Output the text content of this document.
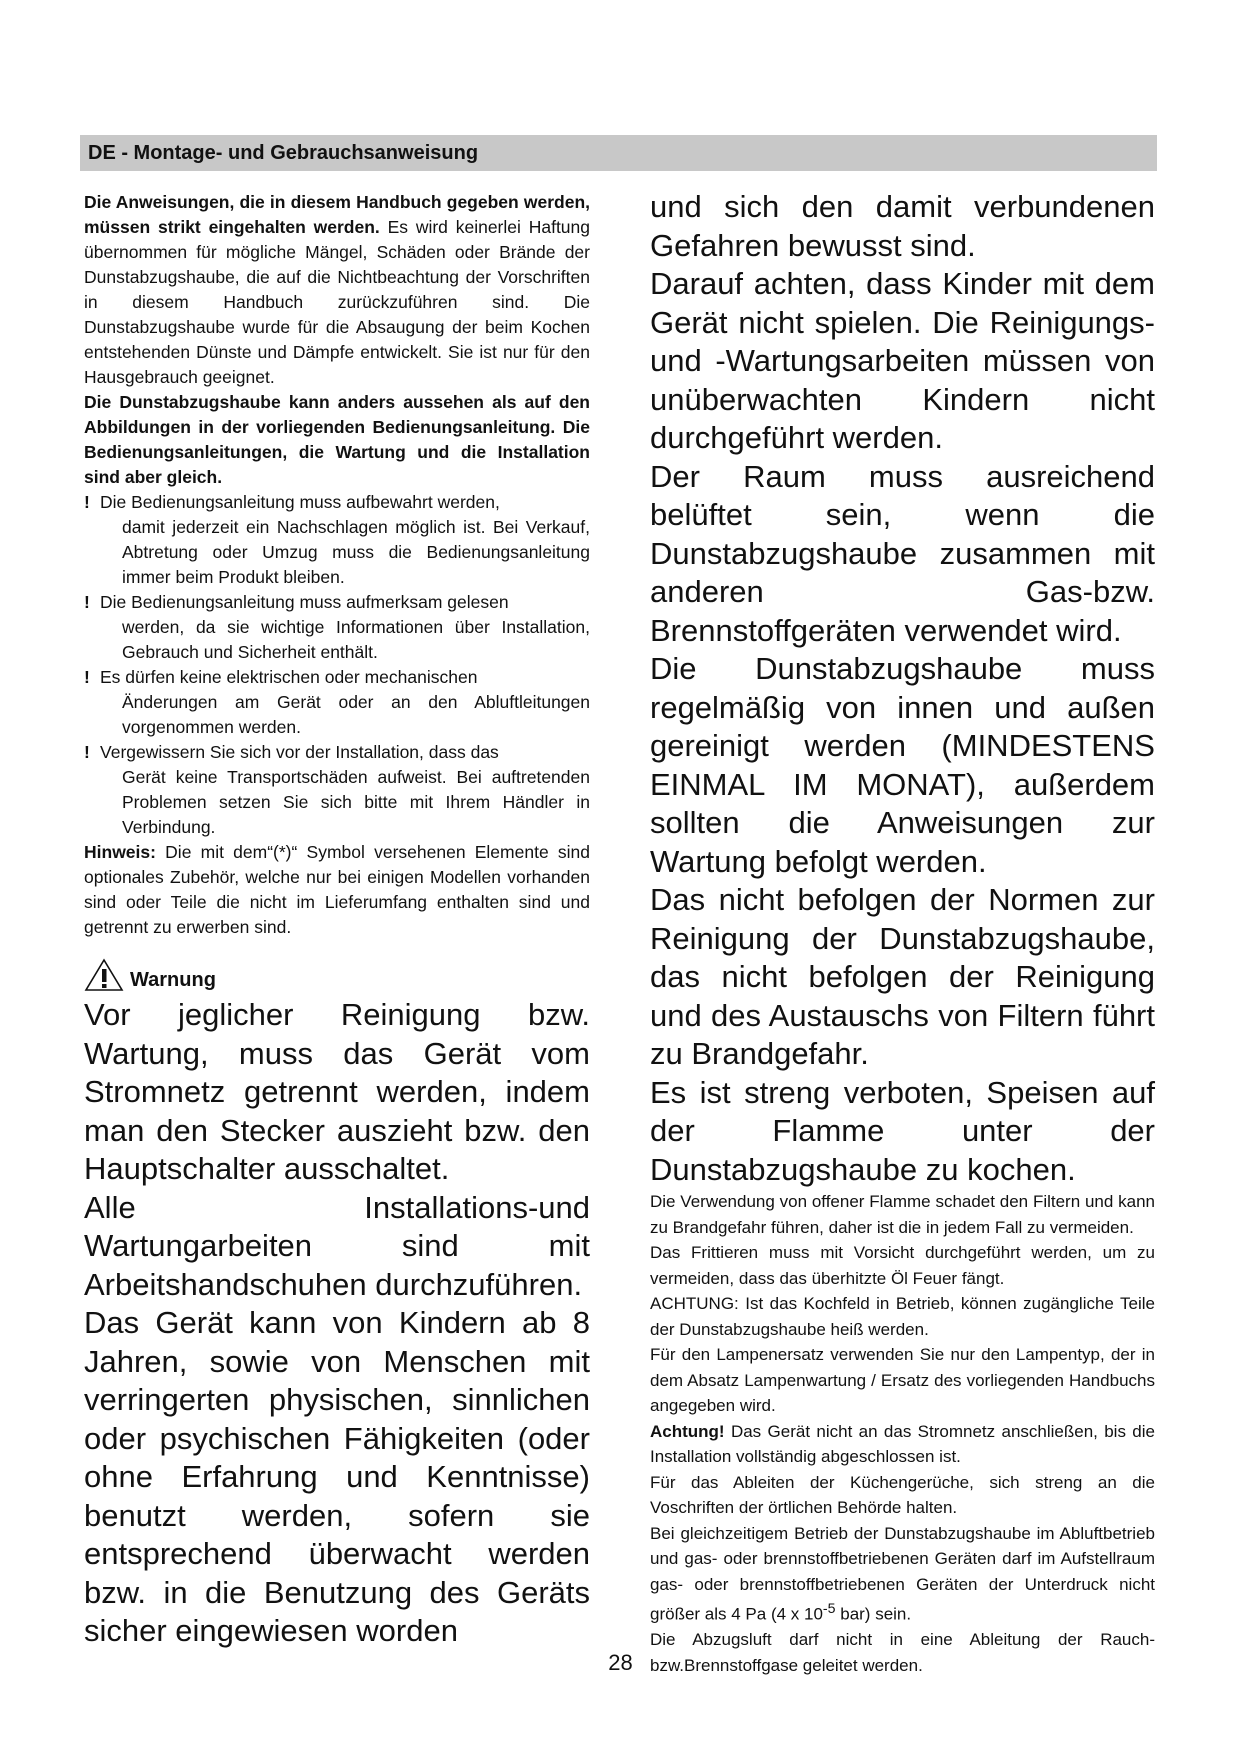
DE - Montage- und Gebrauchsanweisung

Die Anweisungen, die in diesem Handbuch gegeben werden, müssen strikt eingehalten werden. Es wird keinerlei Haftung übernommen für mögliche Mängel, Schäden oder Brände der Dunstabzugshaube, die auf die Nichtbeachtung der Vorschriften in diesem Handbuch zurückzuführen sind. Die Dunstabzugshaube wurde für die Absaugung der beim Kochen entstehenden Dünste und Dämpfe entwickelt. Sie ist nur für den Hausgebrauch geeignet.

Die Dunstabzugshaube kann anders aussehen als auf den Abbildungen in der vorliegenden Bedienungsanleitung. Die Bedienungsanleitungen, die Wartung und die Installation sind aber gleich.

! Die Bedienungsanleitung muss aufbewahrt werden,
damit jederzeit ein Nachschlagen möglich ist. Bei Verkauf, Abtretung oder Umzug muss die Bedienungsanleitung immer beim Produkt bleiben.
! Die Bedienungsanleitung muss aufmerksam gelesen
werden, da sie wichtige Informationen über Installation, Gebrauch und Sicherheit enthält.
! Es dürfen keine elektrischen oder mechanischen
Änderungen am Gerät oder an den Abluftleitungen vorgenommen werden.
! Vergewissern Sie sich vor der Installation, dass das
Gerät keine Transportschäden aufweist. Bei auftretenden Problemen setzen Sie sich bitte mit Ihrem Händler in Verbindung.

Hinweis: Die mit dem“(*)“ Symbol versehenen Elemente sind optionales Zubehör, welche nur bei einigen Modellen vorhanden sind oder Teile die nicht im Lieferumfang enthalten sind und getrennt zu erwerben sind.

Warnung

Vor jeglicher Reinigung bzw. Wartung, muss das Gerät vom Stromnetz getrennt werden, indem man den Stecker auszieht bzw. den Hauptschalter ausschaltet.

Alle Installations-und Wartungarbeiten sind mit Arbeitshandschuhen durchzuführen.

Das Gerät kann von Kindern ab 8 Jahren, sowie von Menschen mit verringerten physischen, sinnlichen oder psychischen Fähigkeiten (oder ohne Erfahrung und Kenntnisse) benutzt werden, sofern sie entsprechend überwacht werden bzw. in die Benutzung des Geräts sicher eingewiesen worden

und sich den damit verbundenen Gefahren bewusst sind.

Darauf achten, dass Kinder mit dem Gerät nicht spielen. Die Reinigungs- und -Wartungsarbeiten müssen von unüberwachten Kindern nicht durchgeführt werden.

Der Raum muss ausreichend belüftet sein, wenn die Dunstabzugshaube zusammen mit anderen Gas-bzw. Brennstoffgeräten verwendet wird.

Die Dunstabzugshaube muss regelmäßig von innen und außen gereinigt werden (MINDESTENS EINMAL IM MONAT), außerdem sollten die Anweisungen zur Wartung befolgt werden.

Das nicht befolgen der Normen zur Reinigung der Dunstabzugshaube, das nicht befolgen der Reinigung und des Austauschs von Filtern führt zu Brandgefahr.

Es ist streng verboten, Speisen auf der Flamme unter der Dunstabzugshaube zu kochen.

Die Verwendung von offener Flamme schadet den Filtern und kann zu Brandgefahr führen, daher ist die in jedem Fall zu vermeiden.

Das Frittieren muss mit Vorsicht durchgeführt werden, um zu vermeiden, dass das überhitzte Öl Feuer fängt.

ACHTUNG: Ist das Kochfeld in Betrieb, können zugängliche Teile der Dunstabzugshaube heiß werden.

Für den Lampenersatz verwenden Sie nur den Lampentyp, der in dem Absatz Lampenwartung / Ersatz des vorliegenden Handbuchs angegeben wird.

Achtung! Das Gerät nicht an das Stromnetz anschließen, bis die Installation vollständig abgeschlossen ist.

Für das Ableiten der Küchengerüche, sich streng an die Voschriften der örtlichen Behörde halten.

Bei gleichzeitigem Betrieb der Dunstabzugshaube im Abluftbetrieb und gas- oder brennstoffbetriebenen Geräten darf im Aufstellraum gas- oder brennstoffbetriebenen Geräten der Unterdruck nicht größer als 4 Pa (4 x $10^{-5}$ bar) sein.

Die Abzugsluft darf nicht in eine Ableitung der Rauch- bzw.Brennstoffgase geleitet werden.

28
